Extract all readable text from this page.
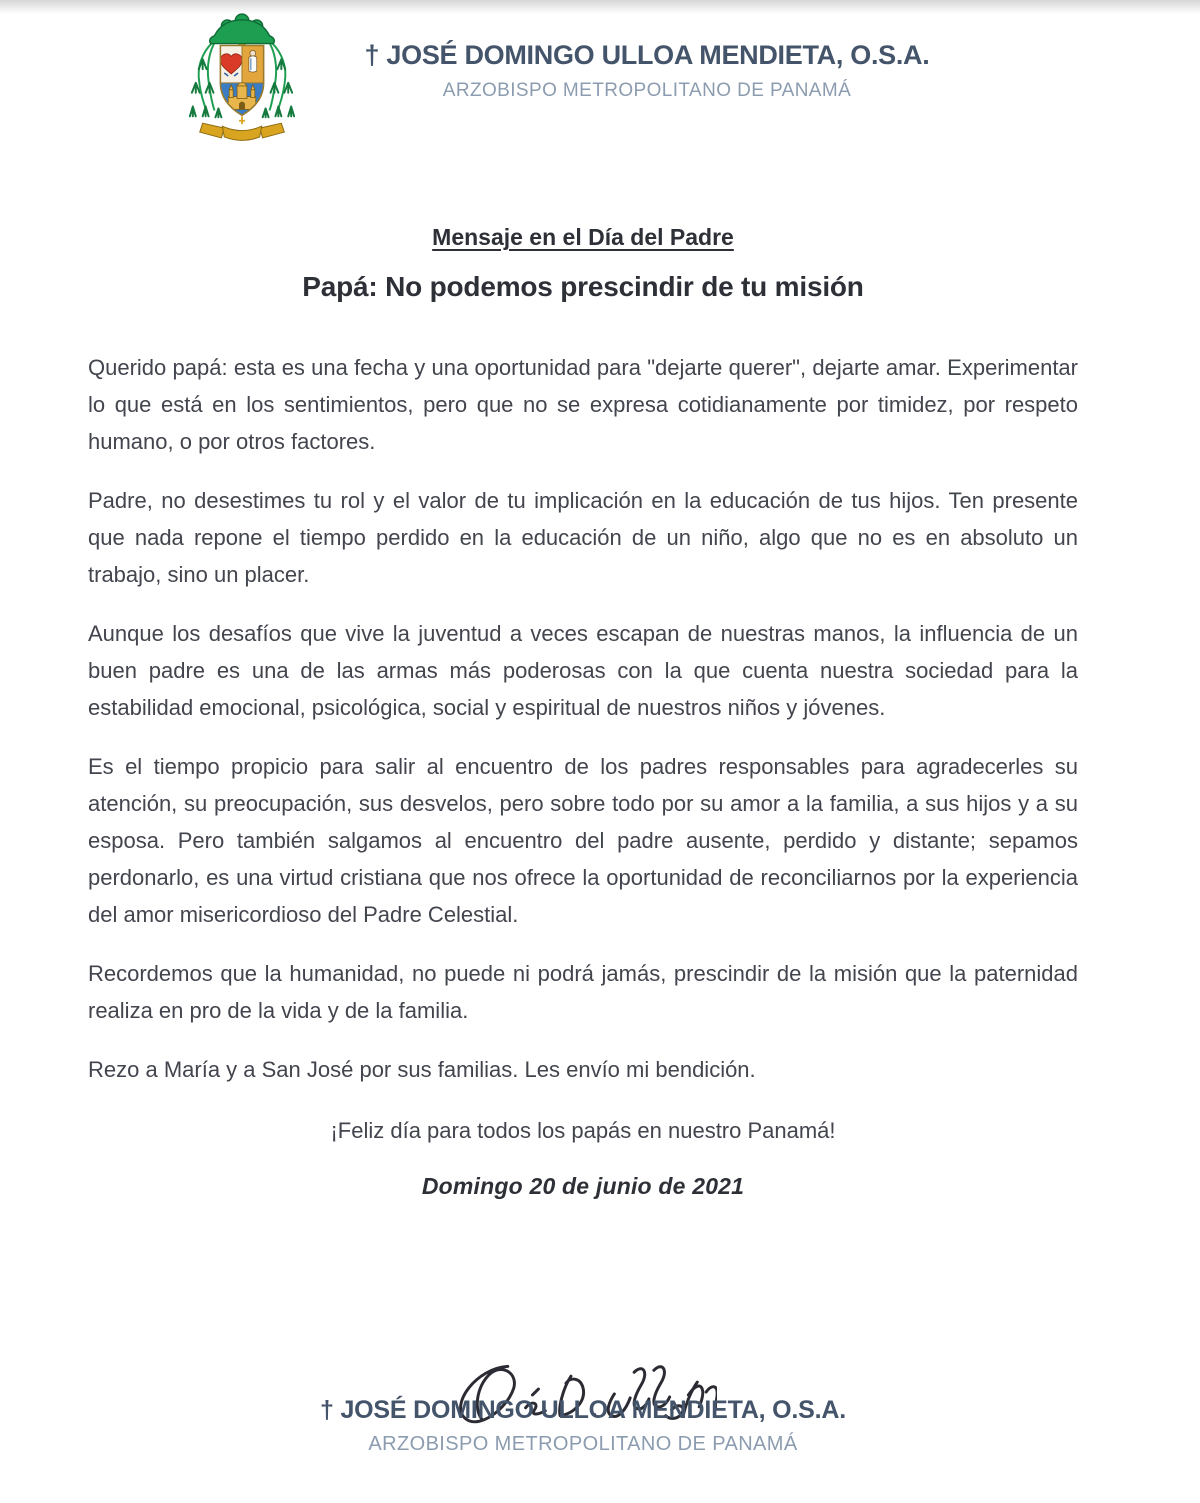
† JOSÉ DOMINGO ULLOA MENDIETA, O.S.A.
ARZOBISPO METROPOLITANO DE PANAMÁ
Mensaje en el Día del Padre
Papá: No podemos prescindir de tu misión

Querido papá: esta es una fecha y una oportunidad para "dejarte querer", dejarte amar. Experimentar lo que está en los sentimientos, pero que no se expresa cotidianamente por timidez, por respeto humano, o por otros factores.

Padre, no desestimes tu rol y el valor de tu implicación en la educación de tus hijos. Ten presente que nada repone el tiempo perdido en la educación de un niño, algo que no es en absoluto un trabajo, sino un placer.

Aunque los desafíos que vive la juventud a veces escapan de nuestras manos, la influencia de un buen padre es una de las armas más poderosas con la que cuenta nuestra sociedad para la estabilidad emocional, psicológica, social y espiritual de nuestros niños y jóvenes.

Es el tiempo propicio para salir al encuentro de los padres responsables para agradecerles su atención, su preocupación, sus desvelos, pero sobre todo por su amor a la familia, a sus hijos y a su esposa. Pero también salgamos al encuentro del padre ausente, perdido y distante; sepamos perdonarlo, es una virtud cristiana que nos ofrece la oportunidad de reconciliarnos por la experiencia del amor misericordioso del Padre Celestial.

Recordemos que la humanidad, no puede ni podrá jamás, prescindir de la misión que la paternidad realiza en pro de la vida y de la familia.

Rezo a María y a San José por sus familias. Les envío mi bendición.

¡Feliz día para todos los papás en nuestro Panamá!

Domingo 20 de junio de 2021

† JOSÉ DOMINGO ULLOA MENDIETA, O.S.A.
ARZOBISPO METROPOLITANO DE PANAMÁ
